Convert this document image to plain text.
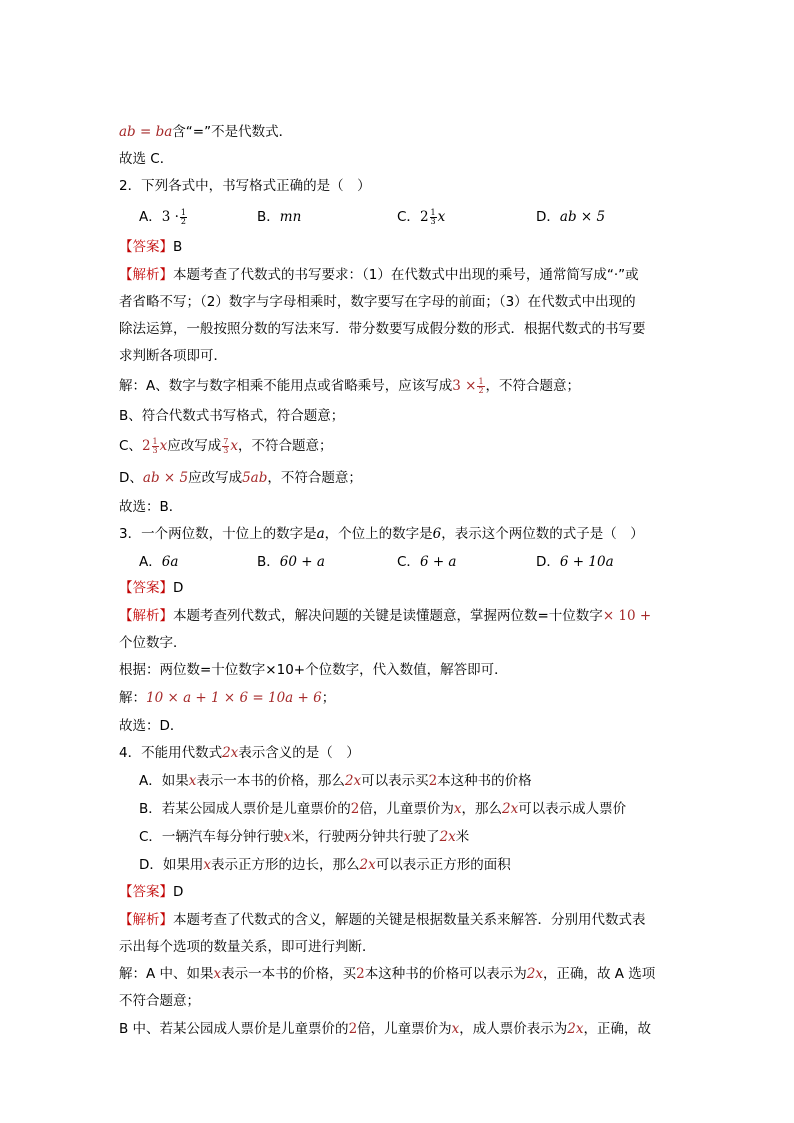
ab = ba含“=”不是代数式．
故选 C．
2．下列各式中，书写格式正确的是（　）
A．$3 \cdot \frac{1}{2}$	B．mn	C．$2 \frac{1}{3}$ x	D．ab × 5
【答案】B
【解析】本题考查了代数式的书写要求：（1）在代数式中出现的乘号，通常简写成“·”或
者省略不写；（2）数字与字母相乘时，数字要写在字母的前面；（3）在代数式中出现的
除法运算，一般按照分数的写法来写．带分数要写成假分数的形式．根据代数式的书写要
求判断各项即可．
解：A、数字与数字相乘不能用点或省略乘号，应该写成$3 \times \frac{1}{2}$ ，不符合题意；
B、符合代数式书写格式，符合题意；
C、$2 \frac{1}{3}$ x应改写成 $\frac{7}{3}$ x，不符合题意；
D、ab × 5应改写成5ab，不符合题意；
故选：B．
3．一个两位数，十位上的数字是a，个位上的数字是6，表示这个两位数的式子是（　）
A．6a	B．60 + a	C．6 + a	D．6 + 10a
【答案】D
【解析】本题考查列代数式，解决问题的关键是读懂题意，掌握两位数=十位数字× 10 +
个位数字．
根据：两位数=十位数字×10+个位数字，代入数值，解答即可．
解：10 × a + 1 × 6 = 10a + 6；
故选：D．
4．不能用代数式2x表示含义的是（　）
A．如果x表示一本书的价格，那么2x可以表示买2本这种书的价格
B．若某公园成人票价是儿童票价的2倍，儿童票价为x，那么2x可以表示成人票价
C．一辆汽车每分钟行驶x米，行驶两分钟共行驶了2x米
D．如果用x表示正方形的边长，那么2x可以表示正方形的面积
【答案】D
【解析】本题考查了代数式的含义，解题的关键是根据数量关系来解答．分别用代数式表
示出每个选项的数量关系，即可进行判断．
解：A 中、如果x表示一本书的价格，买2本这种书的价格可以表示为2x，正确，故 A 选项
不符合题意；
B 中、若某公园成人票价是儿童票价的2倍，儿童票价为x，成人票价表示为2x，正确，故
